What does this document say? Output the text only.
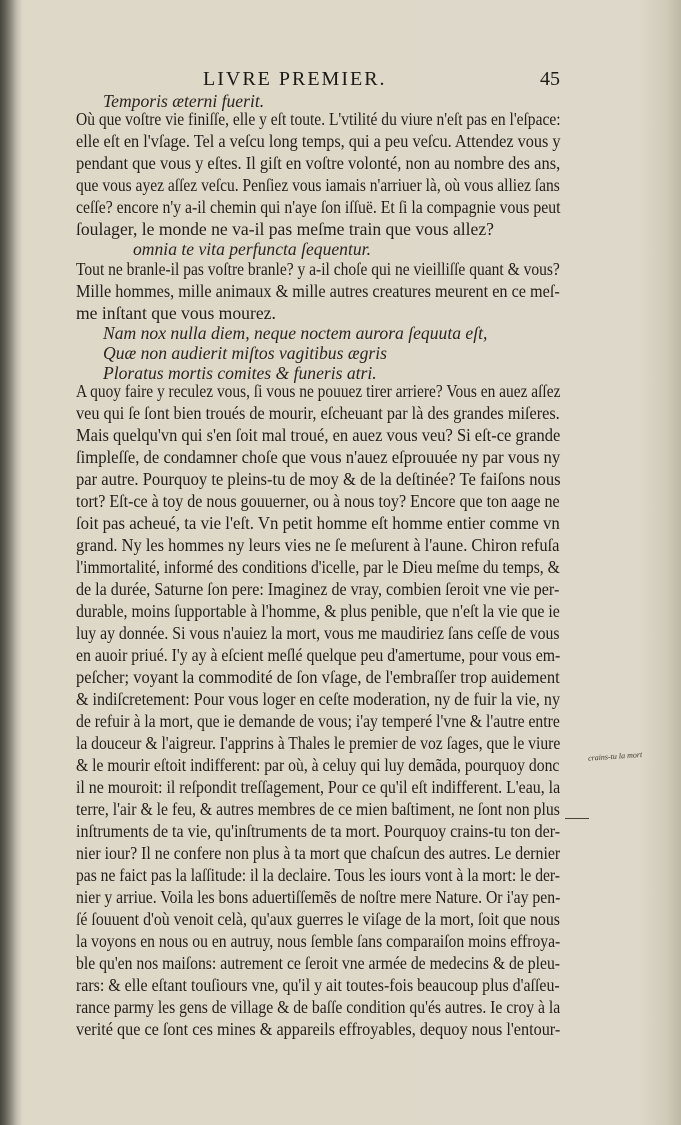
LIVRE PREMIER.	45
Temporis æterni fuerit.
Où que voſtre vie finiſſe, elle y eſt toute. L'vtilité du viure n'eſt pas en l'eſpace:
elle eſt en l'vſage. Tel a veſcu long temps, qui a peu veſcu. Attendez vous y
pendant que vous y eſtes. Il giſt en voſtre volonté, non au nombre des ans,
que vous ayez aſſez veſcu. Penſiez vous iamais n'arriuer là, où vous alliez ſans
ceſſe? encore n'y a-il chemin qui n'aye ſon iſſuë. Et ſi la compagnie vous peut
ſoulager, le monde ne va-il pas meſme train que vous allez?
omnia te vita perfuncta ſequentur.
Tout ne branle-il pas voſtre branle? y a-il choſe qui ne vieilliſſe quant & vous?
Mille hommes, mille animaux & mille autres creatures meurent en ce meſ-
me inſtant que vous mourez.
Nam nox nulla diem, neque noctem aurora ſequuta eſt,
Quæ non audierit miſtos vagitibus ægris
Ploratus mortis comites & funeris atri.
A quoy faire y reculez vous, ſi vous ne pouuez tirer arriere? Vous en auez aſſez
veu qui ſe ſont bien troués de mourir, eſcheuant par là des grandes miſeres.
Mais quelqu'vn qui s'en ſoit mal troué, en auez vous veu? Si eſt-ce grande
ſimpleſſe, de condamner choſe que vous n'auez eſprouuée ny par vous ny
par autre. Pourquoy te pleins-tu de moy & de la deſtinée? Te faiſons nous
tort? Eſt-ce à toy de nous gouuerner, ou à nous toy? Encore que ton aage ne
ſoit pas acheué, ta vie l'eſt. Vn petit homme eſt homme entier comme vn
grand. Ny les hommes ny leurs vies ne ſe meſurent à l'aune. Chiron refuſa
l'immortalité, informé des conditions d'icelle, par le Dieu meſme du temps, &
de la durée, Saturne ſon pere: Imaginez de vray, combien ſeroit vne vie per-
durable, moins ſupportable à l'homme, & plus penible, que n'eſt la vie que ie
luy ay donnée. Si vous n'auiez la mort, vous me maudiriez ſans ceſſe de vous
en auoir priué. I'y ay à eſcient meſlé quelque peu d'amertume, pour vous em-
peſcher; voyant la commodité de ſon vſage, de l'embraſſer trop auidement
& indiſcretement: Pour vous loger en ceſte moderation, ny de fuir la vie, ny
de refuir à la mort, que ie demande de vous; i'ay temperé l'vne & l'autre entre
la douceur & l'aigreur. I'apprins à Thales le premier de voz ſages, que le viure
& le mourir eſtoit indifferent: par où, à celuy qui luy demãda, pourquoy donc
il ne mouroit: il reſpondit treſſagement, Pour ce qu'il eſt indifferent. L'eau, la
terre, l'air & le feu, & autres membres de ce mien baſtiment, ne ſont non plus
inſtruments de ta vie, qu'inſtruments de ta mort. Pourquoy crains-tu ton der-
nier iour? Il ne confere non plus à ta mort que chaſcun des autres. Le dernier
pas ne faict pas la laſſitude: il la declaire. Tous les iours vont à la mort: le der-
nier y arriue. Voila les bons aduertiſſemẽs de noſtre mere Nature. Or i'ay pen-
ſé ſouuent d'où venoit celà, qu'aux guerres le viſage de la mort, ſoit que nous
la voyons en nous ou en autruy, nous ſemble ſans comparaiſon moins effroya-
ble qu'en nos maiſons: autrement ce ſeroit vne armée de medecins & de pleu-
rars: & elle eſtant touſiours vne, qu'il y ait toutes-fois beaucoup plus d'aſſeu-
rance parmy les gens de village & de baſſe condition qu'és autres. Ie croy à la
verité que ce ſont ces mines & appareils effroyables, dequoy nous l'entour-
crains-tu la mort
